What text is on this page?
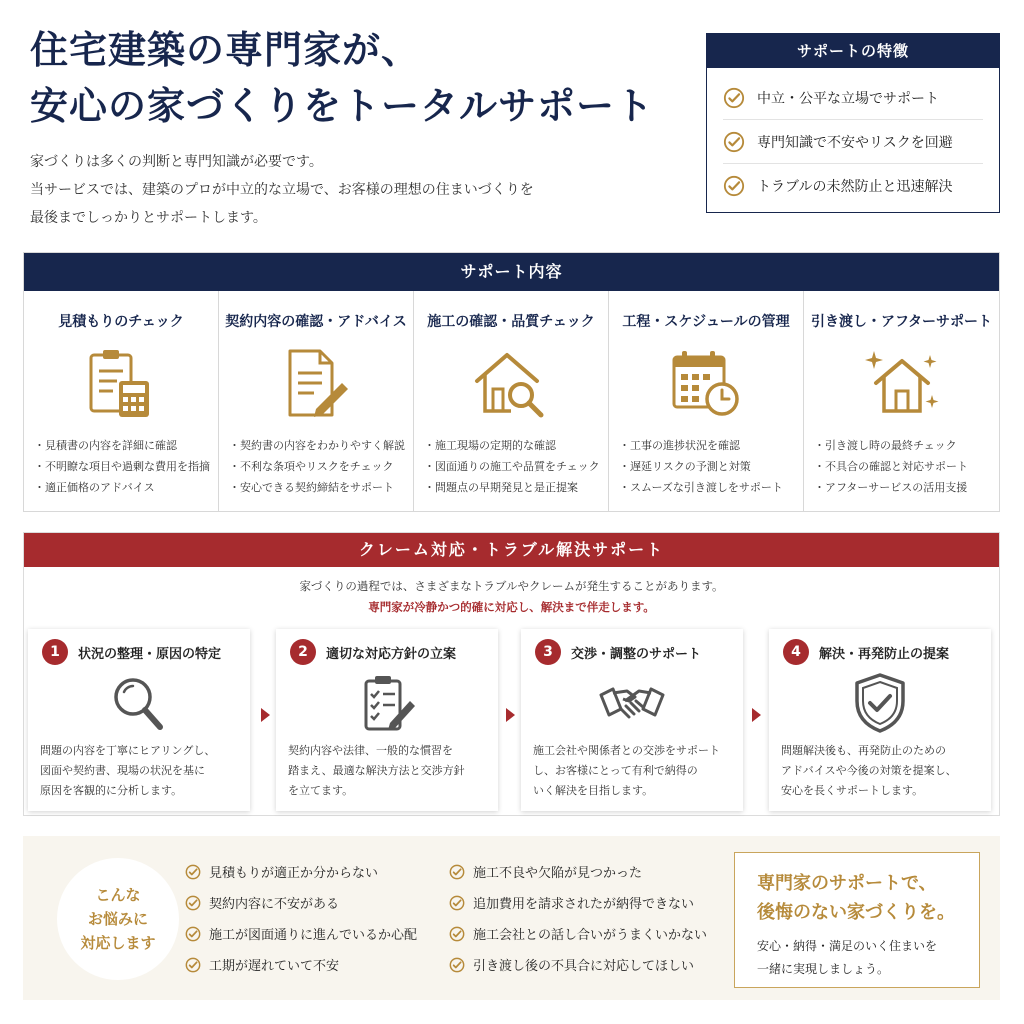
住宅建築の専門家が、
安心の家づくりをトータルサポート
家づくりは多くの判断と専門知識が必要です。
当サービスでは、建築のプロが中立的な立場で、お客様の理想の住まいづくりを
最後までしっかりとサポートします。
サポートの特徴
中立・公平な立場でサポート
専門知識で不安やリスクを回避
トラブルの未然防止と迅速解決
サポート内容
見積もりのチェック
・見積書の内容を詳細に確認
・不明瞭な項目や過剰な費用を指摘
・適正価格のアドバイス
契約内容の確認・アドバイス
・契約書の内容をわかりやすく解説
・不利な条項やリスクをチェック
・安心できる契約締結をサポート
施工の確認・品質チェック
・施工現場の定期的な確認
・図面通りの施工や品質をチェック
・問題点の早期発見と是正提案
工程・スケジュールの管理
・工事の進捗状況を確認
・遅延リスクの予測と対策
・スムーズな引き渡しをサポート
引き渡し・アフターサポート
・引き渡し時の最終チェック
・不具合の確認と対応サポート
・アフターサービスの活用支援
クレーム対応・トラブル解決サポート
家づくりの過程では、さまざまなトラブルやクレームが発生することがあります。
専門家が冷静かつ的確に対応し、解決まで伴走します。
1	状況の整理・原因の特定
問題の内容を丁寧にヒアリングし、
図面や契約書、現場の状況を基に
原因を客観的に分析します。
2	適切な対応方針の立案
契約内容や法律、一般的な慣習を
踏まえ、最適な解決方法と交渉方針
を立てます。
3	交渉・調整のサポート
施工会社や関係者との交渉をサポート
し、お客様にとって有利で納得の
いく解決を目指します。
4	解決・再発防止の提案
問題解決後も、再発防止のための
アドバイスや今後の対策を提案し、
安心を長くサポートします。
こんな
お悩みに
対応します
見積もりが適正か分からない
契約内容に不安がある
施工が図面通りに進んでいるか心配
工期が遅れていて不安
施工不良や欠陥が見つかった
追加費用を請求されたが納得できない
施工会社との話し合いがうまくいかない
引き渡し後の不具合に対応してほしい
専門家のサポートで、
後悔のない家づくりを。
安心・納得・満足のいく住まいを
一緒に実現しましょう。
